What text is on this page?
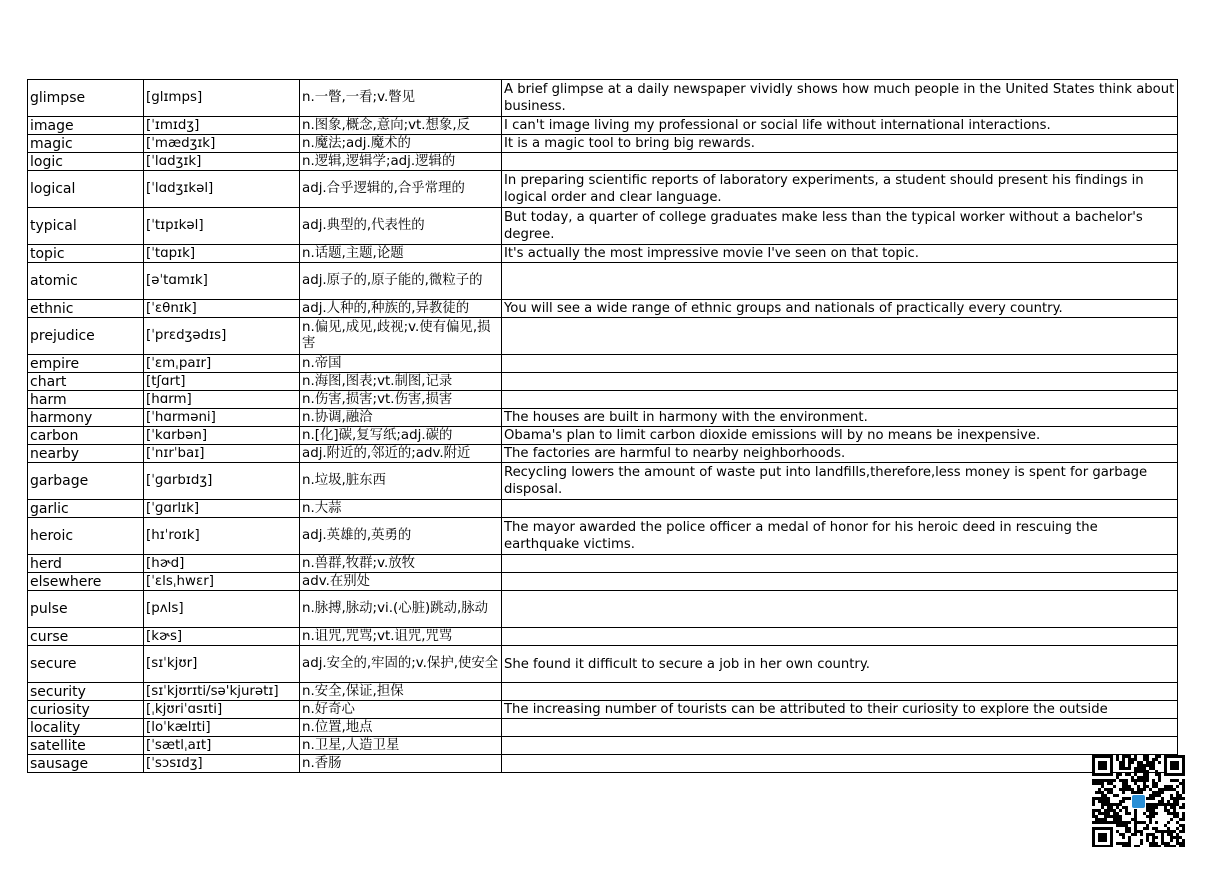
glimpse	[glɪmps]	n.一瞥,一看;v.瞥见	A brief glimpse at a daily newspaper vividly shows how much people in the United States think about business.
image	[ˈɪmɪdʒ]	n.图象,概念,意向;vt.想象,反	I can't image living my professional or social life without international interactions.
magic	[ˈmædʒɪk]	n.魔法;adj.魔术的	It is a magic tool to bring big rewards.
logic	[ˈlɑdʒɪk]	n.逻辑,逻辑学;adj.逻辑的	
logical	[ˈlɑdʒɪkəl]	adj.合乎逻辑的,合乎常理的	In preparing scientific reports of laboratory experiments, a student should present his findings in logical order and clear language.
typical	[ˈtɪpɪkəl]	adj.典型的,代表性的	But today, a quarter of college graduates make less than the typical worker without a bachelor's degree.
topic	[ˈtɑpɪk]	n.话题,主题,论题	It's actually the most impressive movie I've seen on that topic.
atomic	[əˈtɑmɪk]	adj.原子的,原子能的,微粒子的	
ethnic	[ˈɛθnɪk]	adj.人种的,种族的,异教徒的	You will see a wide range of ethnic groups and nationals of practically every country.
prejudice	[ˈprɛdʒədɪs]	n.偏见,成见,歧视;v.使有偏见,损害	
empire	[ˈɛmˌpaɪr]	n.帝国	
chart	[tʃɑrt]	n.海图,图表;vt.制图,记录	
harm	[hɑrm]	n.伤害,损害;vt.伤害,损害	
harmony	[ˈhɑrməni]	n.协调,融洽	The houses are built in harmony with the environment.
carbon	[ˈkɑrbən]	n.[化]碳,复写纸;adj.碳的	Obama's plan to limit carbon dioxide emissions will by no means be inexpensive.
nearby	[ˈnɪrˈbaɪ]	adj.附近的,邻近的;adv.附近	The factories are harmful to nearby neighborhoods.
garbage	[ˈɡɑrbɪdʒ]	n.垃圾,脏东西	Recycling lowers the amount of waste put into landfills,therefore,less money is spent for garbage disposal.
garlic	[ˈɡɑrlɪk]	n.大蒜	
heroic	[hɪˈroɪk]	adj.英雄的,英勇的	The mayor awarded the police officer a medal of honor for his heroic deed in rescuing the earthquake victims.
herd	[hɚd]	n.兽群,牧群;v.放牧	
elsewhere	[ˈɛlsˌhwɛr]	adv.在别处	
pulse	[pʌls]	n.脉搏,脉动;vi.(心脏)跳动,脉动	
curse	[kɚs]	n.诅咒,咒骂;vt.诅咒,咒骂	
secure	[sɪˈkjʊr]	adj.安全的,牢固的;v.保护,使安全	She found it difficult to secure a job in her own country.
security	[sɪˈkjʊrɪti/sə'kjurətɪ]	n.安全,保证,担保	
curiosity	[ˌkjʊriˈɑsɪti]	n.好奇心	The increasing number of tourists can be attributed to their curiosity to explore the outside
locality	[loˈkælɪti]	n.位置,地点	
satellite	[ˈsætlˌaɪt]	n.卫星,人造卫星	
sausage	[ˈsɔsɪdʒ]	n.香肠	
